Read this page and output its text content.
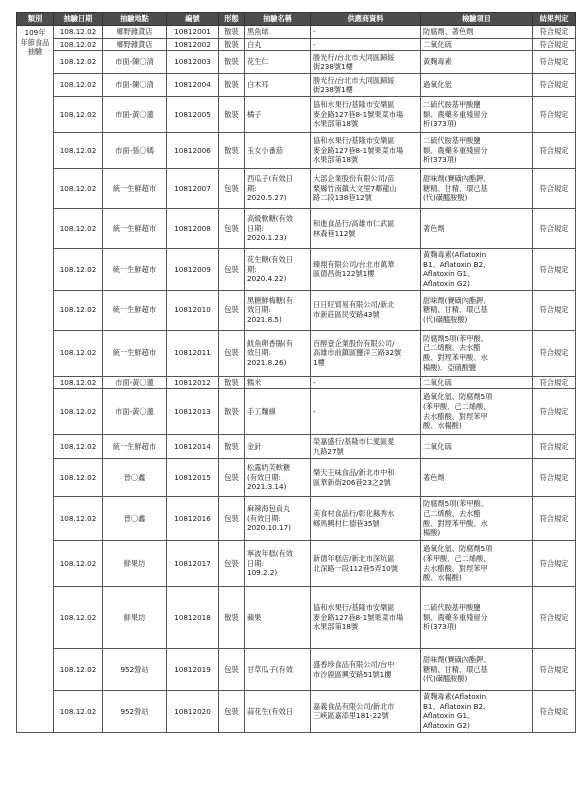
類別	抽驗日期	抽驗地點	編號	形態	抽驗名稱	供應商資料	檢驗項目	結果判定

109年
年節食品
抽驗	108.12.02	鄉野雜貨店	10812001	散裝	黑魚球	-	防腐劑、著色劑	符合規定
	108.12.02	鄉野雜貨店	10812002	散裝	白丸	-	二氧化硫	符合規定
	108.12.02	市面-陳〇清	10812003	散裝	花生仁	勝光行/台北市大同區歸綏
街238號1樓	黃麴毒素	符合規定
	108.12.02	市面-陳〇清	10812004	散裝	白木耳	勝光行/台北市大同區歸綏
街238號1樓	過氧化氫	符合規定
	108.12.02	市面-黃〇蓮	10812005	散裝	橘子	協和水果行/基隆市安樂區
麥金路127巷8-1號果菜市場
水果部第18號	二硫代胺基甲酸鹽
類、農藥多重殘留分
析(373項)	符合規定
	108.12.02	市面-張〇嫣	10812006	散裝	玉女小番茄	協和水果行/基隆市安樂區
麥金路127巷8-1號果菜市場
水果部第18號	二硫代胺基甲酸鹽
類、農藥多重殘留分
析(373項)	符合規定
	108.12.02	統一生鮮超市	10812007	包裝	西瓜子(有效日
期:
2020.5.27)	大部企業股份有限公司/苗
栗縣竹南鎮大文里7鄰龍山
路二段138巷12號	甜味劑(賽磺內酯鉀、
糖精、甘精、環己基
(代)磺醯胺酸)	符合規定
	108.12.02	統一生鮮超市	10812008	包裝	高級軟糖(有效
日期:
2020.1.23)	和進食品行/高雄市仁武區
林森巷112號	著色劑	符合規定
	108.12.02	統一生鮮超市	10812009	包裝	花生糖(有效日
期:
2020.4.22)	臻翔有限公司/台北市萬華
區德昌街122號1樓	黃麴毒素(Aflatoxin
B1、Aflatoxin B2、
Aflatoxin G1、
Aflatoxin G2)	符合規定
	108.12.02	統一生鮮超市	10812010	包裝	黑糖鮮梅糖(有
效日期:
2021.8.5)	日日旺貿易有限公司/新北
市新莊區民安路43號	甜味劑(賽磺內酯鉀、
糖精、甘精、環己基
(代)磺醯胺酸)	符合規定
	108.12.02	統一生鮮超市	10812011	包裝	魷魚卵香腸(有
效日期:
2021.8.26)	百醇壹企業股份有限公司/
高雄市前鎮區鹽洋三路32號
1樓	防腐劑5項(苯甲酸、
己二烯酸、去水醋
酸、對羥苯甲酸、水
楊酸)、亞硝酸鹽	符合規定
	108.12.02	市面-黃〇蓮	10812012	散裝	糯米	-	二氧化硫	符合規定
	108.12.02	市面-黃〇蓮	10812013	散裝	手工麵線	-	過氧化氫、防腐劑5項
(苯甲酸、己二烯酸、
去水醋酸、對羥苯甲
酸、水楊酸)	符合規定
	108.12.02	統一生鮮超市	10812014	散裝	金針	榮嘉盛行/基隆市仁愛區愛
九路27號	二氧化硫	符合規定
	108.12.02	晉〇鑫	10812015	包裝	松露奶芙軟糖
(有效日期:
2021.3.14)	樂天王味食品/新北市中和
區華新街206巷23之2號	著色劑	符合規定
	108.12.02	晉〇鑫	10812016	包裝	麻辣海包貢丸
(有效日期:
2020.10.17)	美食村食品行/彰化縣秀水
鄉馬興村仁德巷35號	防腐劑5項(苯甲酸、
己二烯酸、去水醋
酸、對羥苯甲酸、水
楊酸)	符合規定
	108.12.02	鮮果坊	10812017	包裝	寧波年糕(有效
日期:
109.2.2)	新德年糕店/新北市深坑區
北深路一段112巷5弄10號	過氧化氫、防腐劑5項
(苯甲酸、己二烯酸、
去水醋酸、對羥苯甲
酸、水楊酸)	符合規定
	108.12.02	鮮果坊	10812018	散裝	蘋果	協和水果行/基隆市安樂區
麥金路127巷8-1號果菜市場
水果部第18號	二硫代胺基甲酸鹽
類、農藥多重殘留分
析(373項)	符合規定
	108.12.02	952營站	10812019	包裝	甘草瓜子(有效	盛香珍食品有限公司/台中
市沙鹿區興安路51號1樓	甜味劑(賽磺內酯鉀、
糖精、甘精、環己基
(代)磺醯胺酸)	符合規定
	108.12.02	952營站	10812020	包裝	蒜花生(有效日	嘉義食品有限公司/新北市
三峽區嘉添里181-22號	黃麴毒素(Aflatoxin
B1、Aflatoxin B2、
Aflatoxin G1、
Aflatoxin G2)	符合規定
